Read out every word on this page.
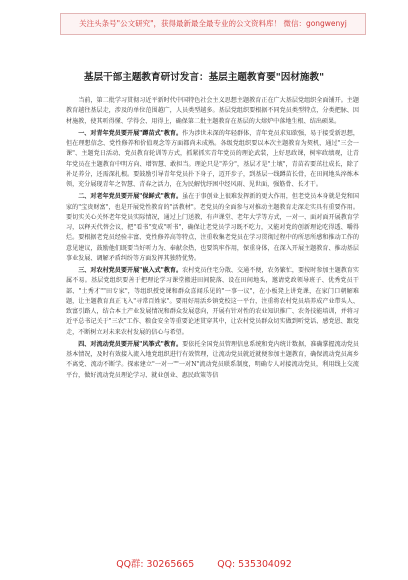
关注头条号"公文研究"，获得最新最全最专业的公文资料库！ 微信：gongwenyj
基层干部主题教育研讨发言：基层主题教育要"因材施教"

当前，第二批学习贯彻习近平新时代中国特色社会主义思想主题教育正在广大基层党组织全面铺开。主题教育越往基层走，涉及的单位范围越广，人员类型越多。基层党组织要根据不同党员类型特点，分类把脉、因材施教，使其听得懂、学得会、用得上，确保第二批主题教育在基层的大熔炉中落地生根、结出硕果。

一、对青年党员要开展"蹲苗式"教育。作为涉世未深的年轻群体，青年党员求知欲强，易于接受新思想，但在理想信念、党性修养和价值观念等方面都尚未成熟。各级党组织要以本次主题教育为契机，通过"三会一课"、主题党日活动、党员教育轮训等方式，抓紧抓实青年党员的理论武装，上好思政课，树牢政绩观，让青年党员在主题教育中明方向、增智慧、敢担当。理论只是"养分"，基层才是"土壤"，青苗若要茁壮成长，除了补足养分，还需深扎根。要鼓励引导青年党员扑下身子，迈开步子，到基层一线蹲苗长骨，在田间地头淬炼本领，充分展现青年之智慧、青春之活力，在为民解忧纾困中经风雨、见世面，强筋骨、长才干。

二、对老年党员要开展"保鲜式"教育。虽在于事创业上很难发挥新的更大作用，但老党员本身就是党和国家的"宝贵财富"，也是开展党性教育的"活教材"。老党员的全面参与对推动主题教育走深走实具有重要作用。要切实关心关怀老年党员实际情况，通过上门送教、有声课堂、老年大学等方式，一对一、面对面开展教育学习，以释天代替会议，把"看书"变成"听书"，确保让老党员学习既不吃力，又能对党的创新理论吃得透、嚼得烂。要根据老党员经验丰富、党性修养高等特点，注重收集老党员在学习贯彻过程中的所思所感和推动工作的意见建议，鼓励他们既要当好听力为、奉献余热，也要筑牢作用，保重身体，在深入开展主题教育、推动基层事业发展、调解矛盾纠纷等方面发挥其独特优势。

三、对农村党员要开展"嵌入式"教育。农村党员住宅分散、交通不便，农务繁忙，要按时参加主题教育实属不易。基层党组织要善于把理论学习课堂搬进田间院落、设在田间地头，邀请党政领导班子、优秀党员干部、"土秀才""田专家"，等组织授党课和群众喜闻乐见的"一事一议"，在小板凳上讲党课，在家门口朝解难题，让主题教育真正飞入"寻常百姓家"。要用好用活乡镇党校这一平台，注重将农村党员培养成产业带头人、致富引路人，结合本土产业发展情况和群众发展意向，开展有针对性的农业知识推广、农务技能培训，并将习近平总书记关于"三农"工作、粮食安全等重要论述贯穿其中，让农村党员群众切实做到听党话、感党恩、跟党走，不断树立对未来农村发展的信心与希望。

四、对流动党员要开展"风筝式"教育。要依托全国党员管理信息系统和党内统计数据，准确掌握流动党员基本情况，及时有效接入流入地党组织进行有效管理，让流动党员就近就便参加主题教育，确保流动党员离乡不离党、流动不断学。探索建立"一对一""一对N"流动党员联系制度，明确专人对接流动党员，利用线上交流平台，做好流动党员理论学习、就业创业、惠民政策等信

QQ群: 30265665 QQ: 535304092
